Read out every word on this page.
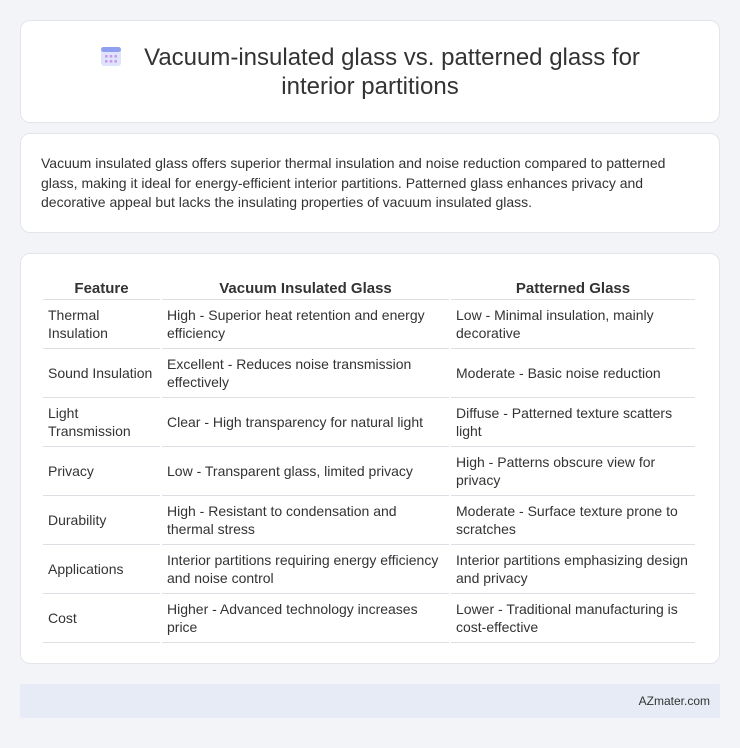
Vacuum-insulated glass vs. patterned glass for interior partitions

Vacuum insulated glass offers superior thermal insulation and noise reduction compared to patterned glass, making it ideal for energy-efficient interior partitions. Patterned glass enhances privacy and decorative appeal but lacks the insulating properties of vacuum insulated glass.

Feature	Vacuum Insulated Glass	Patterned Glass
Thermal Insulation	High - Superior heat retention and energy efficiency	Low - Minimal insulation, mainly decorative
Sound Insulation	Excellent - Reduces noise transmission effectively	Moderate - Basic noise reduction
Light Transmission	Clear - High transparency for natural light	Diffuse - Patterned texture scatters light
Privacy	Low - Transparent glass, limited privacy	High - Patterns obscure view for privacy
Durability	High - Resistant to condensation and thermal stress	Moderate - Surface texture prone to scratches
Applications	Interior partitions requiring energy efficiency and noise control	Interior partitions emphasizing design and privacy
Cost	Higher - Advanced technology increases price	Lower - Traditional manufacturing is cost-effective
AZmater.com
